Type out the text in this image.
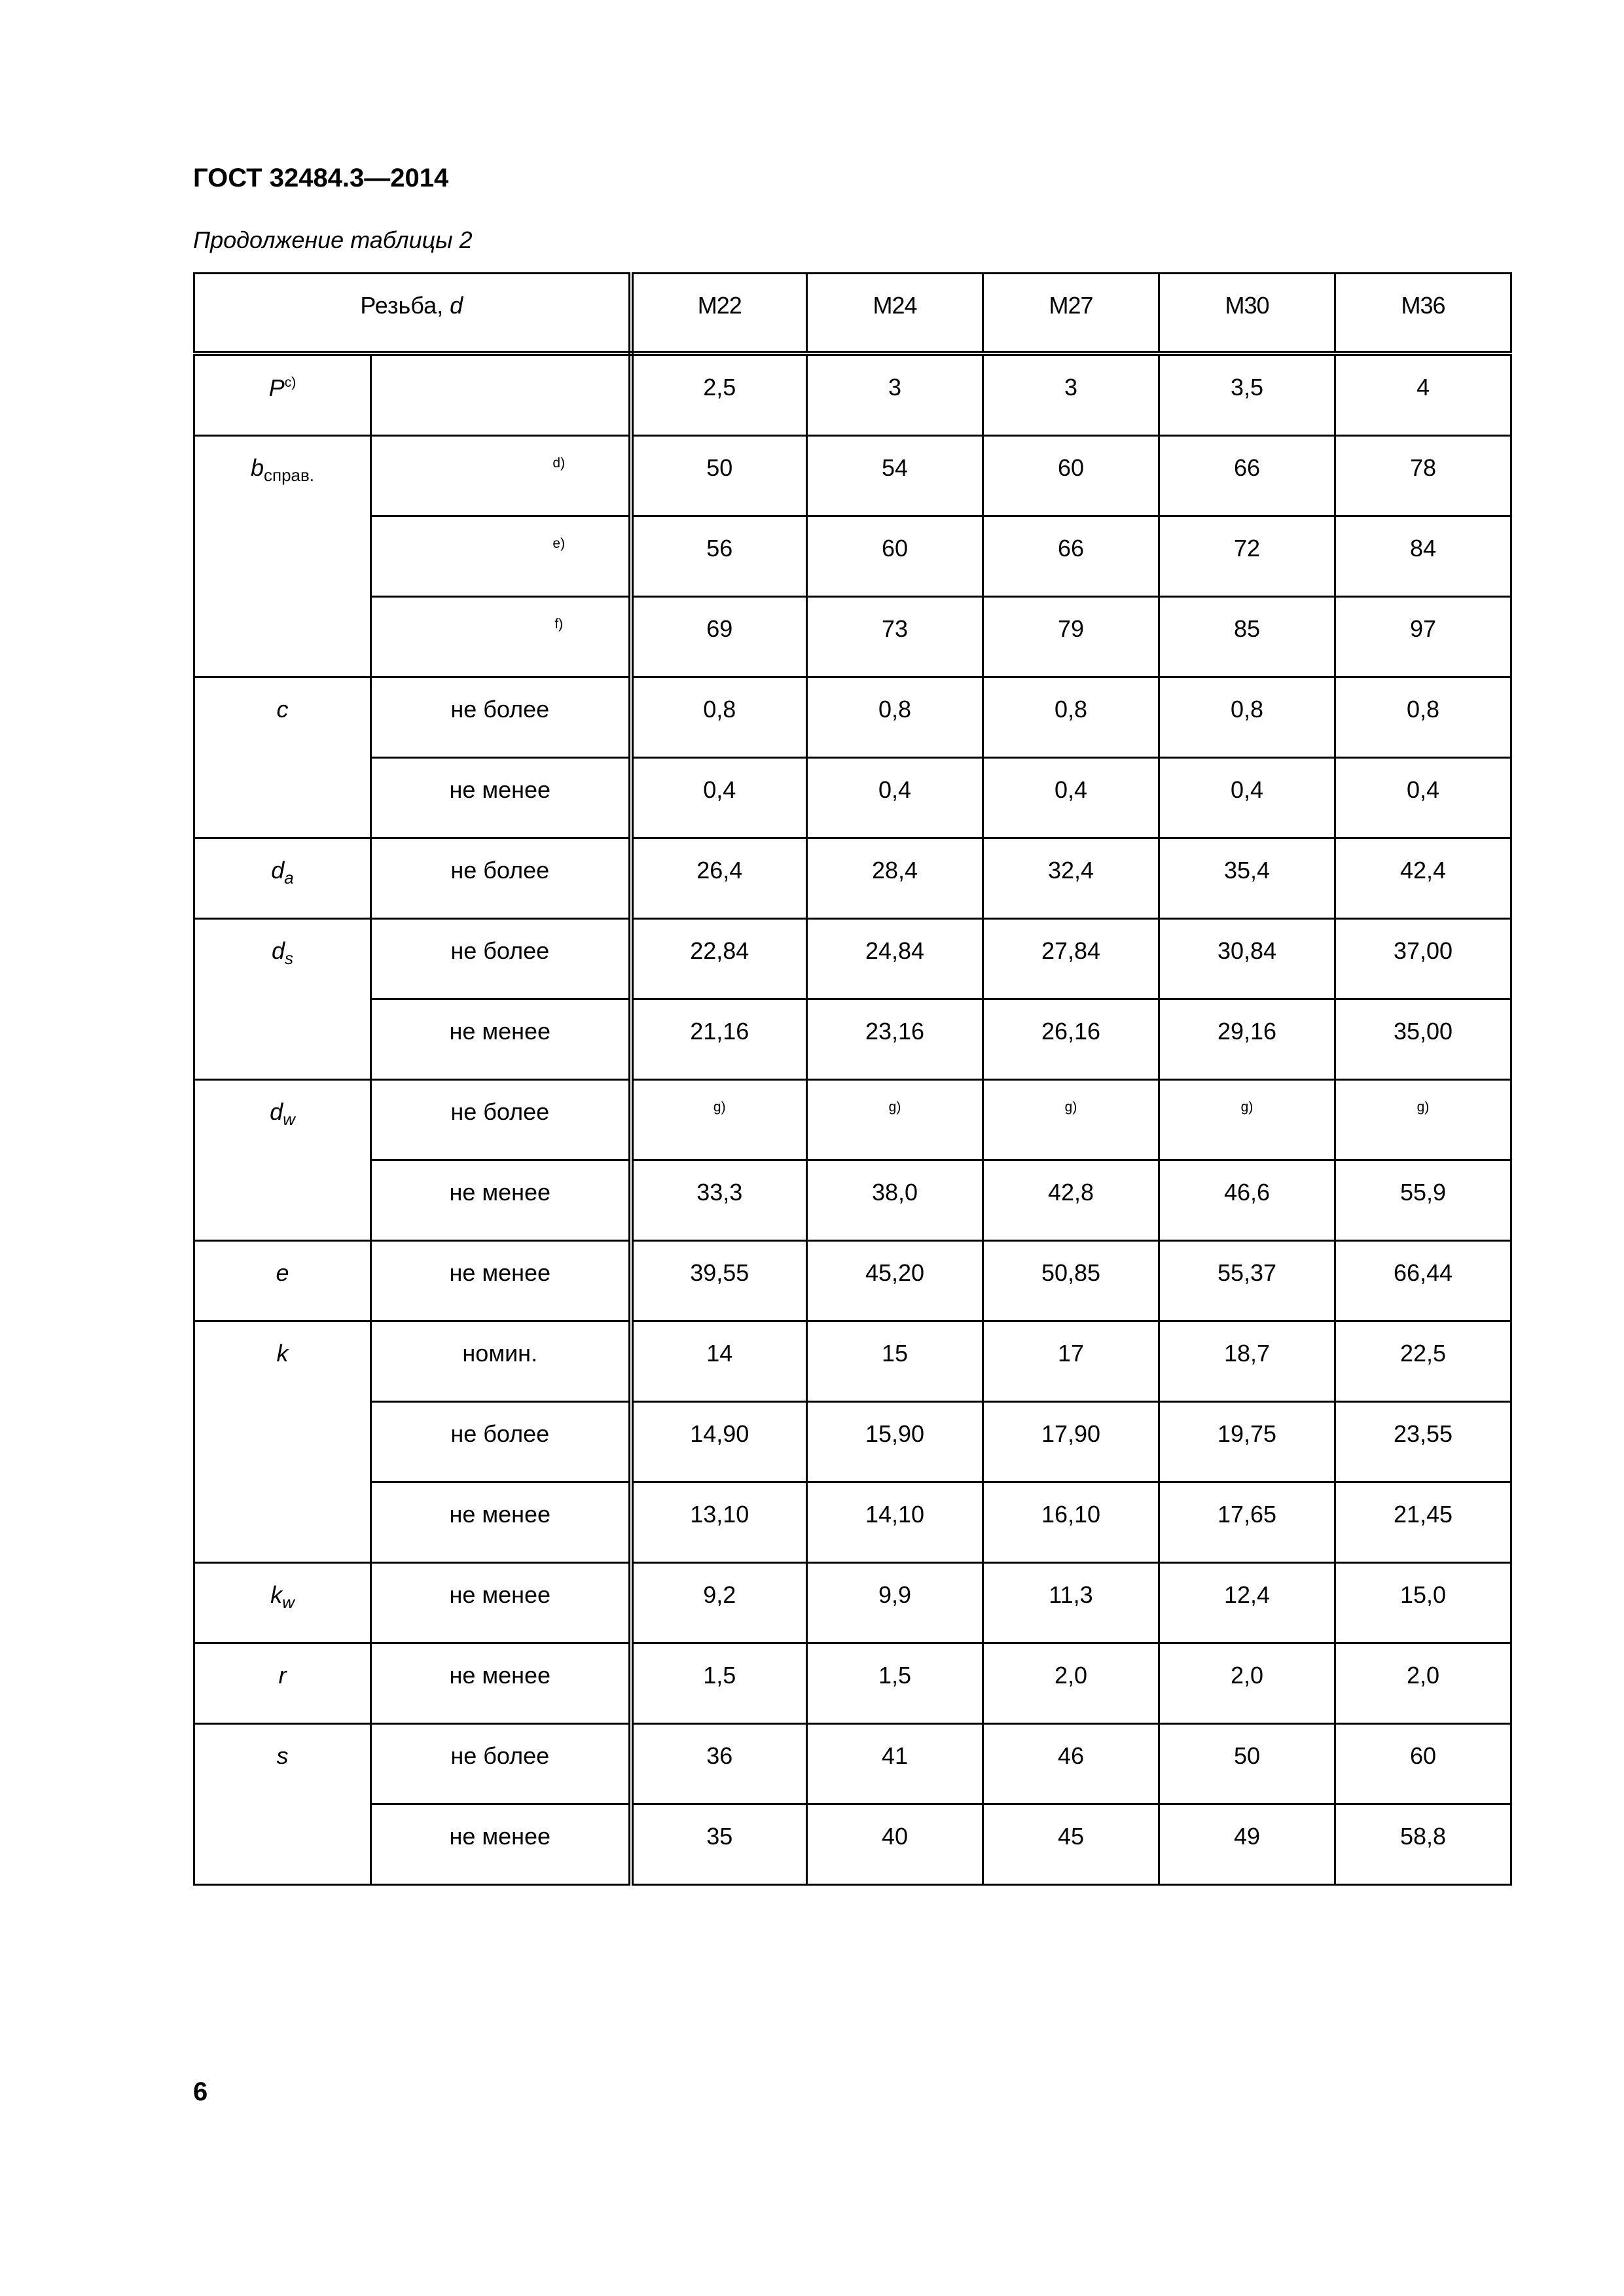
ГОСТ 32484.3—2014

Продолжение таблицы 2

Резьба, d		M22	M24	M27	M30	M36

$P^{c)}$		2,5	3	3	3,5	4

$b_{справ.}$	d)	50	54	60	66	78

	e)	56	60	66	72	84

	f)	69	73	79	85	97

c	не более	0,8	0,8	0,8	0,8	0,8

	не менее	0,4	0,4	0,4	0,4	0,4

$d_a$	не более	26,4	28,4	32,4	35,4	42,4

$d_s$	не более	22,84	24,84	27,84	30,84	37,00

	не менее	21,16	23,16	26,16	29,16	35,00

$d_w$	не более	g)	g)	g)	g)	g)

	не менее	33,3	38,0	42,8	46,6	55,9

e	не менее	39,55	45,20	50,85	55,37	66,44

k	номин.	14	15	17	18,7	22,5

	не более	14,90	15,90	17,90	19,75	23,55

	не менее	13,10	14,10	16,10	17,65	21,45

$k_w$	не менее	9,2	9,9	11,3	12,4	15,0

r	не менее	1,5	1,5	2,0	2,0	2,0

s	не более	36	41	46	50	60

	не менее	35	40	45	49	58,8
6
